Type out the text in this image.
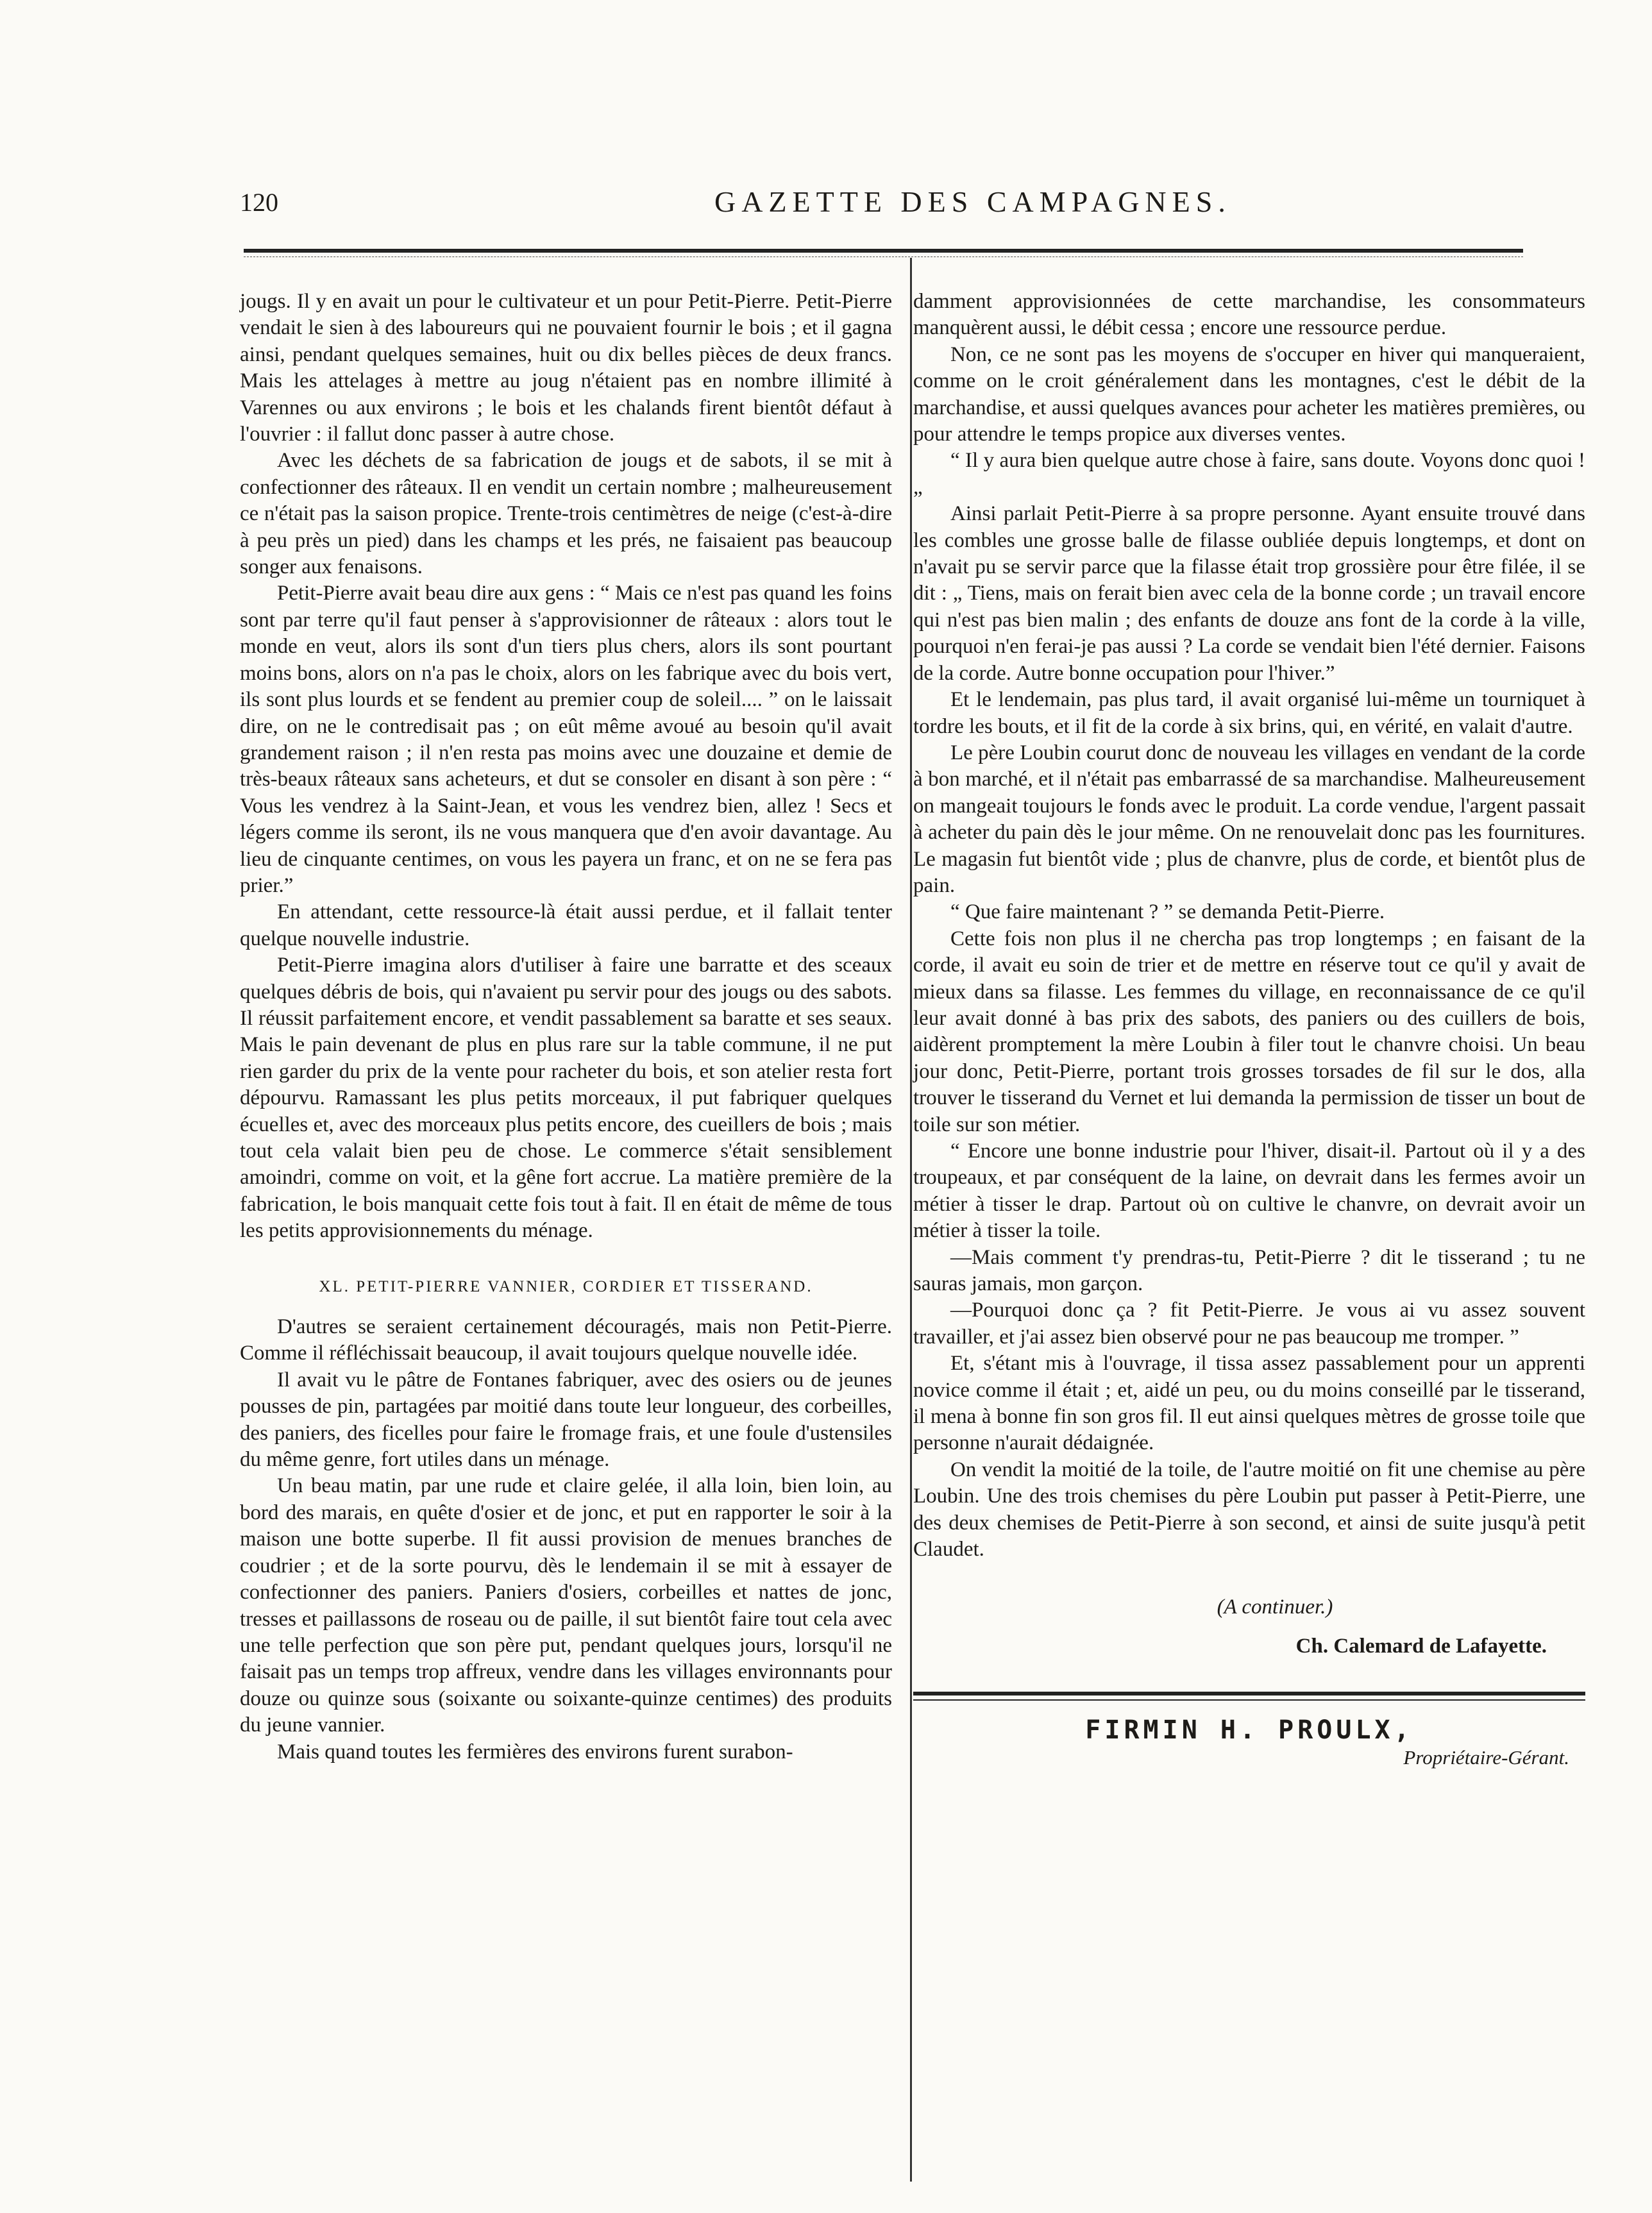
120	GAZETTE DES CAMPAGNES.

jougs. Il y en avait un pour le cultivateur et un pour Petit-Pierre. Petit-Pierre vendait le sien à des laboureurs qui ne pouvaient fournir le bois ; et il gagna ainsi, pendant quelques semaines, huit ou dix belles pièces de deux francs. Mais les attelages à mettre au joug n'étaient pas en nombre illimité à Varennes ou aux environs ; le bois et les chalands firent bientôt défaut à l'ouvrier : il fallut donc passer à autre chose.

Avec les déchets de sa fabrication de jougs et de sabots, il se mit à confectionner des râteaux. Il en vendit un certain nombre ; malheureusement ce n'était pas la saison propice. Trente-trois centimètres de neige (c'est-à-dire à peu près un pied) dans les champs et les prés, ne faisaient pas beaucoup songer aux fenaisons.

Petit-Pierre avait beau dire aux gens : “ Mais ce n'est pas quand les foins sont par terre qu'il faut penser à s'approvisionner de râteaux : alors tout le monde en veut, alors ils sont d'un tiers plus chers, alors ils sont pourtant moins bons, alors on n'a pas le choix, alors on les fabrique avec du bois vert, ils sont plus lourds et se fendent au premier coup de soleil.... ” on le laissait dire, on ne le contredisait pas ; on eût même avoué au besoin qu'il avait grandement raison ; il n'en resta pas moins avec une douzaine et demie de très-beaux râteaux sans acheteurs, et dut se consoler en disant à son père : “ Vous les vendrez à la Saint-Jean, et vous les vendrez bien, allez ! Secs et légers comme ils seront, ils ne vous manquera que d'en avoir davantage. Au lieu de cinquante centimes, on vous les payera un franc, et on ne se fera pas prier.”

En attendant, cette ressource-là était aussi perdue, et il fallait tenter quelque nouvelle industrie.

Petit-Pierre imagina alors d'utiliser à faire une barratte et des sceaux quelques débris de bois, qui n'avaient pu servir pour des jougs ou des sabots. Il réussit parfaitement encore, et vendit passablement sa baratte et ses seaux. Mais le pain devenant de plus en plus rare sur la table commune, il ne put rien garder du prix de la vente pour racheter du bois, et son atelier resta fort dépourvu. Ramassant les plus petits morceaux, il put fabriquer quelques écuelles et, avec des morceaux plus petits encore, des cueillers de bois ; mais tout cela valait bien peu de chose. Le commerce s'était sensiblement amoindri, comme on voit, et la gêne fort accrue. La matière première de la fabrication, le bois manquait cette fois tout à fait. Il en était de même de tous les petits approvisionnements du ménage.

XL. PETIT-PIERRE VANNIER, CORDIER ET TISSERAND.

D'autres se seraient certainement découragés, mais non Petit-Pierre. Comme il réfléchissait beaucoup, il avait toujours quelque nouvelle idée.

Il avait vu le pâtre de Fontanes fabriquer, avec des osiers ou de jeunes pousses de pin, partagées par moitié dans toute leur longueur, des corbeilles, des paniers, des ficelles pour faire le fromage frais, et une foule d'ustensiles du même genre, fort utiles dans un ménage.

Un beau matin, par une rude et claire gelée, il alla loin, bien loin, au bord des marais, en quête d'osier et de jonc, et put en rapporter le soir à la maison une botte superbe. Il fit aussi provision de menues branches de coudrier ; et de la sorte pourvu, dès le lendemain il se mit à essayer de confectionner des paniers. Paniers d'osiers, corbeilles et nattes de jonc, tresses et paillassons de roseau ou de paille, il sut bientôt faire tout cela avec une telle perfection que son père put, pendant quelques jours, lorsqu'il ne faisait pas un temps trop affreux, vendre dans les villages environnants pour douze ou quinze sous (soixante ou soixante-quinze centimes) des produits du jeune vannier.

Mais quand toutes les fermières des environs furent surabon-

damment approvisionnées de cette marchandise, les consommateurs manquèrent aussi, le débit cessa ; encore une ressource perdue.

Non, ce ne sont pas les moyens de s'occuper en hiver qui manqueraient, comme on le croit généralement dans les montagnes, c'est le débit de la marchandise, et aussi quelques avances pour acheter les matières premières, ou pour attendre le temps propice aux diverses ventes.

“ Il y aura bien quelque autre chose à faire, sans doute. Voyons donc quoi ! „

Ainsi parlait Petit-Pierre à sa propre personne. Ayant ensuite trouvé dans les combles une grosse balle de filasse oubliée depuis longtemps, et dont on n'avait pu se servir parce que la filasse était trop grossière pour être filée, il se dit : „ Tiens, mais on ferait bien avec cela de la bonne corde ; un travail encore qui n'est pas bien malin ; des enfants de douze ans font de la corde à la ville, pourquoi n'en ferai-je pas aussi ? La corde se vendait bien l'été dernier. Faisons de la corde. Autre bonne occupation pour l'hiver.”

Et le lendemain, pas plus tard, il avait organisé lui-même un tourniquet à tordre les bouts, et il fit de la corde à six brins, qui, en vérité, en valait d'autre.

Le père Loubin courut donc de nouveau les villages en vendant de la corde à bon marché, et il n'était pas embarrassé de sa marchandise. Malheureusement on mangeait toujours le fonds avec le produit. La corde vendue, l'argent passait à acheter du pain dès le jour même. On ne renouvelait donc pas les fournitures. Le magasin fut bientôt vide ; plus de chanvre, plus de corde, et bientôt plus de pain.

“ Que faire maintenant ? ” se demanda Petit-Pierre.

Cette fois non plus il ne chercha pas trop longtemps ; en faisant de la corde, il avait eu soin de trier et de mettre en réserve tout ce qu'il y avait de mieux dans sa filasse. Les femmes du village, en reconnaissance de ce qu'il leur avait donné à bas prix des sabots, des paniers ou des cuillers de bois, aidèrent promptement la mère Loubin à filer tout le chanvre choisi. Un beau jour donc, Petit-Pierre, portant trois grosses torsades de fil sur le dos, alla trouver le tisserand du Vernet et lui demanda la permission de tisser un bout de toile sur son métier.

“ Encore une bonne industrie pour l'hiver, disait-il. Partout où il y a des troupeaux, et par conséquent de la laine, on devrait dans les fermes avoir un métier à tisser le drap. Partout où on cultive le chanvre, on devrait avoir un métier à tisser la toile.

—Mais comment t'y prendras-tu, Petit-Pierre ? dit le tisserand ; tu ne sauras jamais, mon garçon.

—Pourquoi donc ça ? fit Petit-Pierre. Je vous ai vu assez souvent travailler, et j'ai assez bien observé pour ne pas beaucoup me tromper. ”

Et, s'étant mis à l'ouvrage, il tissa assez passablement pour un apprenti novice comme il était ; et, aidé un peu, ou du moins conseillé par le tisserand, il mena à bonne fin son gros fil. Il eut ainsi quelques mètres de grosse toile que personne n'aurait dédaignée.

On vendit la moitié de la toile, de l'autre moitié on fit une chemise au père Loubin. Une des trois chemises du père Loubin put passer à Petit-Pierre, une des deux chemises de Petit-Pierre à son second, et ainsi de suite jusqu'à petit Claudet.

(A continuer.)

Ch. Calemard de Lafayette.

FIRMIN H. PROULX,

Propriétaire-Gérant.
